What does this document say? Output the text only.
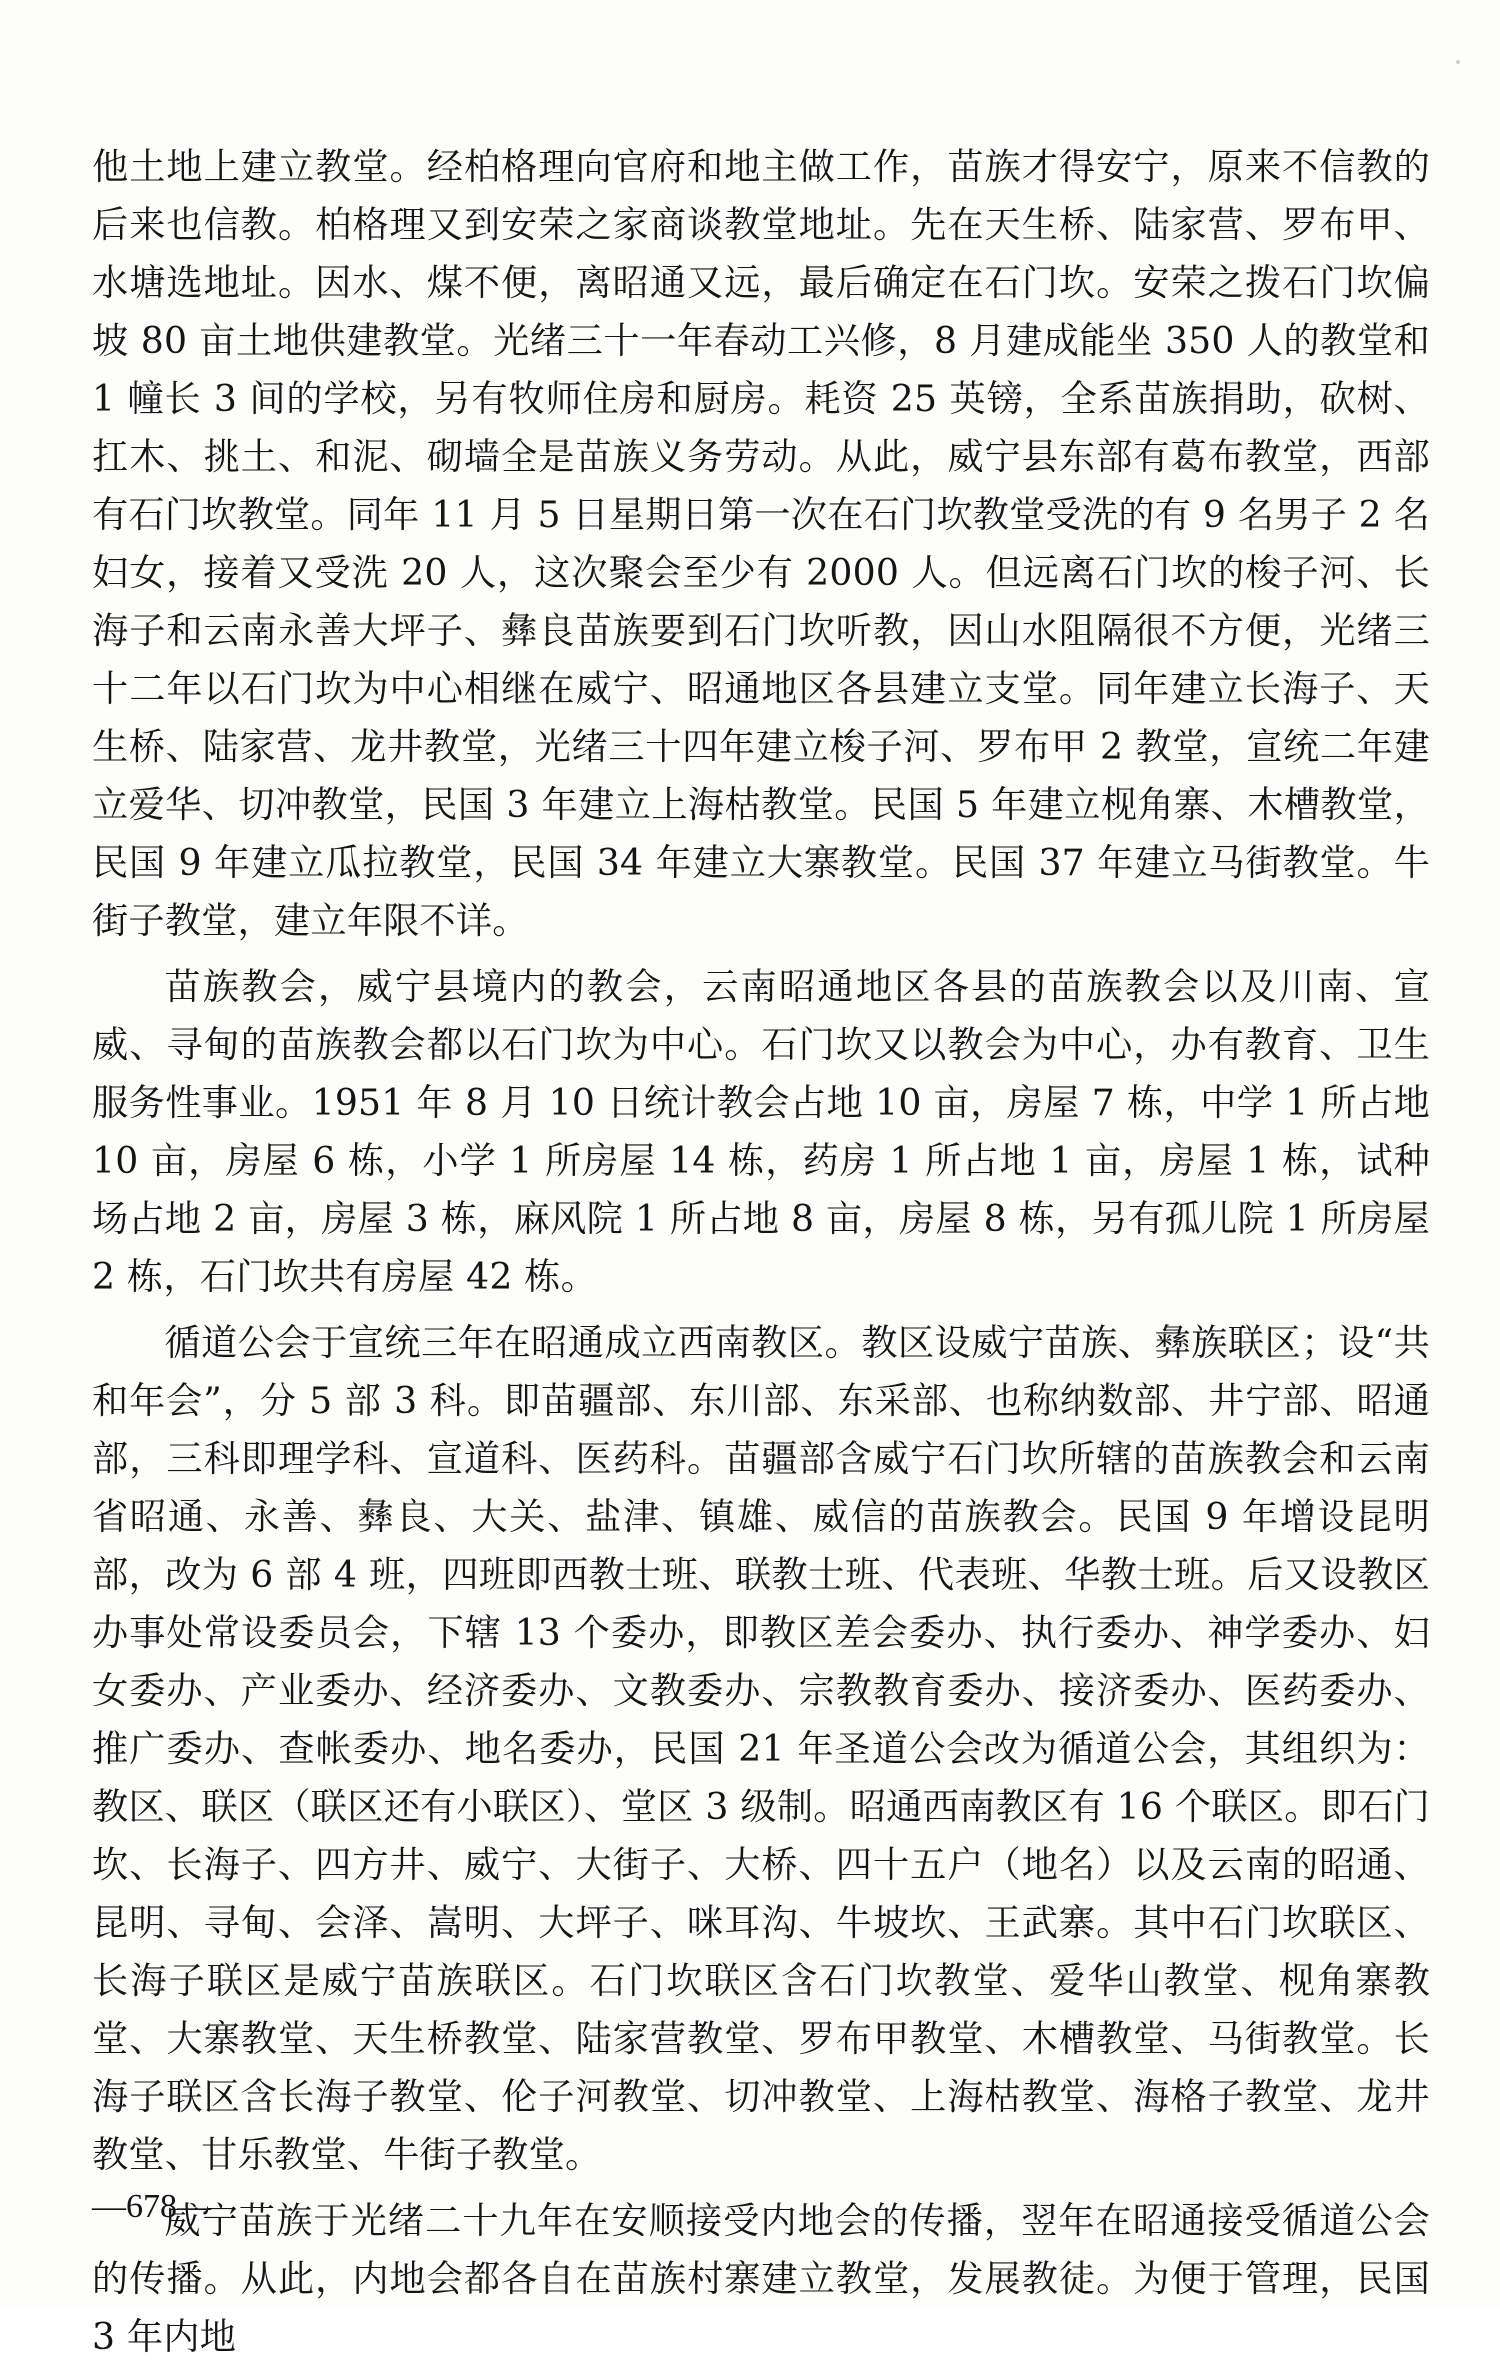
他土地上建立教堂。经柏格理向官府和地主做工作，苗族才得安宁，原来不信教的后来也信教。柏格理又到安荣之家商谈教堂地址。先在天生桥、陆家营、罗布甲、水塘选地址。因水、煤不便，离昭通又远，最后确定在石门坎。安荣之拨石门坎偏坡 80 亩土地供建教堂。光绪三十一年春动工兴修，8 月建成能坐 350 人的教堂和 1 幢长 3 间的学校，另有牧师住房和厨房。耗资 25 英镑，全系苗族捐助，砍树、扛木、挑土、和泥、砌墙全是苗族义务劳动。从此，威宁县东部有葛布教堂，西部有石门坎教堂。同年 11 月 5 日星期日第一次在石门坎教堂受洗的有 9 名男子 2 名妇女，接着又受洗 20 人，这次聚会至少有 2000 人。但远离石门坎的梭子河、长海子和云南永善大坪子、彝良苗族要到石门坎听教，因山水阻隔很不方便，光绪三十二年以石门坎为中心相继在威宁、昭通地区各县建立支堂。同年建立长海子、天生桥、陆家营、龙井教堂，光绪三十四年建立梭子河、罗布甲 2 教堂，宣统二年建立爱华、切冲教堂，民国 3 年建立上海枯教堂。民国 5 年建立枧角寨、木槽教堂，民国 9 年建立瓜拉教堂，民国 34 年建立大寨教堂。民国 37 年建立马街教堂。牛街子教堂，建立年限不详。

苗族教会，威宁县境内的教会，云南昭通地区各县的苗族教会以及川南、宣威、寻甸的苗族教会都以石门坎为中心。石门坎又以教会为中心，办有教育、卫生服务性事业。1951 年 8 月 10 日统计教会占地 10 亩，房屋 7 栋，中学 1 所占地 10 亩，房屋 6 栋，小学 1 所房屋 14 栋，药房 1 所占地 1 亩，房屋 1 栋，试种场占地 2 亩，房屋 3 栋，麻风院 1 所占地 8 亩，房屋 8 栋，另有孤儿院 1 所房屋 2 栋，石门坎共有房屋 42 栋。

循道公会于宣统三年在昭通成立西南教区。教区设威宁苗族、彝族联区；设“共和年会”，分 5 部 3 科。即苗疆部、东川部、东采部、也称纳数部、井宁部、昭通部，三科即理学科、宣道科、医药科。苗疆部含威宁石门坎所辖的苗族教会和云南省昭通、永善、彝良、大关、盐津、镇雄、威信的苗族教会。民国 9 年增设昆明部，改为 6 部 4 班，四班即西教士班、联教士班、代表班、华教士班。后又设教区办事处常设委员会，下辖 13 个委办，即教区差会委办、执行委办、神学委办、妇女委办、产业委办、经济委办、文教委办、宗教教育委办、接济委办、医药委办、推广委办、查帐委办、地名委办，民国 21 年圣道公会改为循道公会，其组织为：教区、联区（联区还有小联区）、堂区 3 级制。昭通西南教区有 16 个联区。即石门坎、长海子、四方井、威宁、大街子、大桥、四十五户（地名）以及云南的昭通、昆明、寻甸、会泽、嵩明、大坪子、咪耳沟、牛坡坎、王武寨。其中石门坎联区、长海子联区是威宁苗族联区。石门坎联区含石门坎教堂、爱华山教堂、枧角寨教堂、大寨教堂、天生桥教堂、陆家营教堂、罗布甲教堂、木槽教堂、马街教堂。长海子联区含长海子教堂、伦子河教堂、切冲教堂、上海枯教堂、海格子教堂、龙井教堂、甘乐教堂、牛街子教堂。

威宁苗族于光绪二十九年在安顺接受内地会的传播，翌年在昭通接受循道公会的传播。从此，内地会都各自在苗族村寨建立教堂，发展教徒。为便于管理，民国 3 年内地

—678—
